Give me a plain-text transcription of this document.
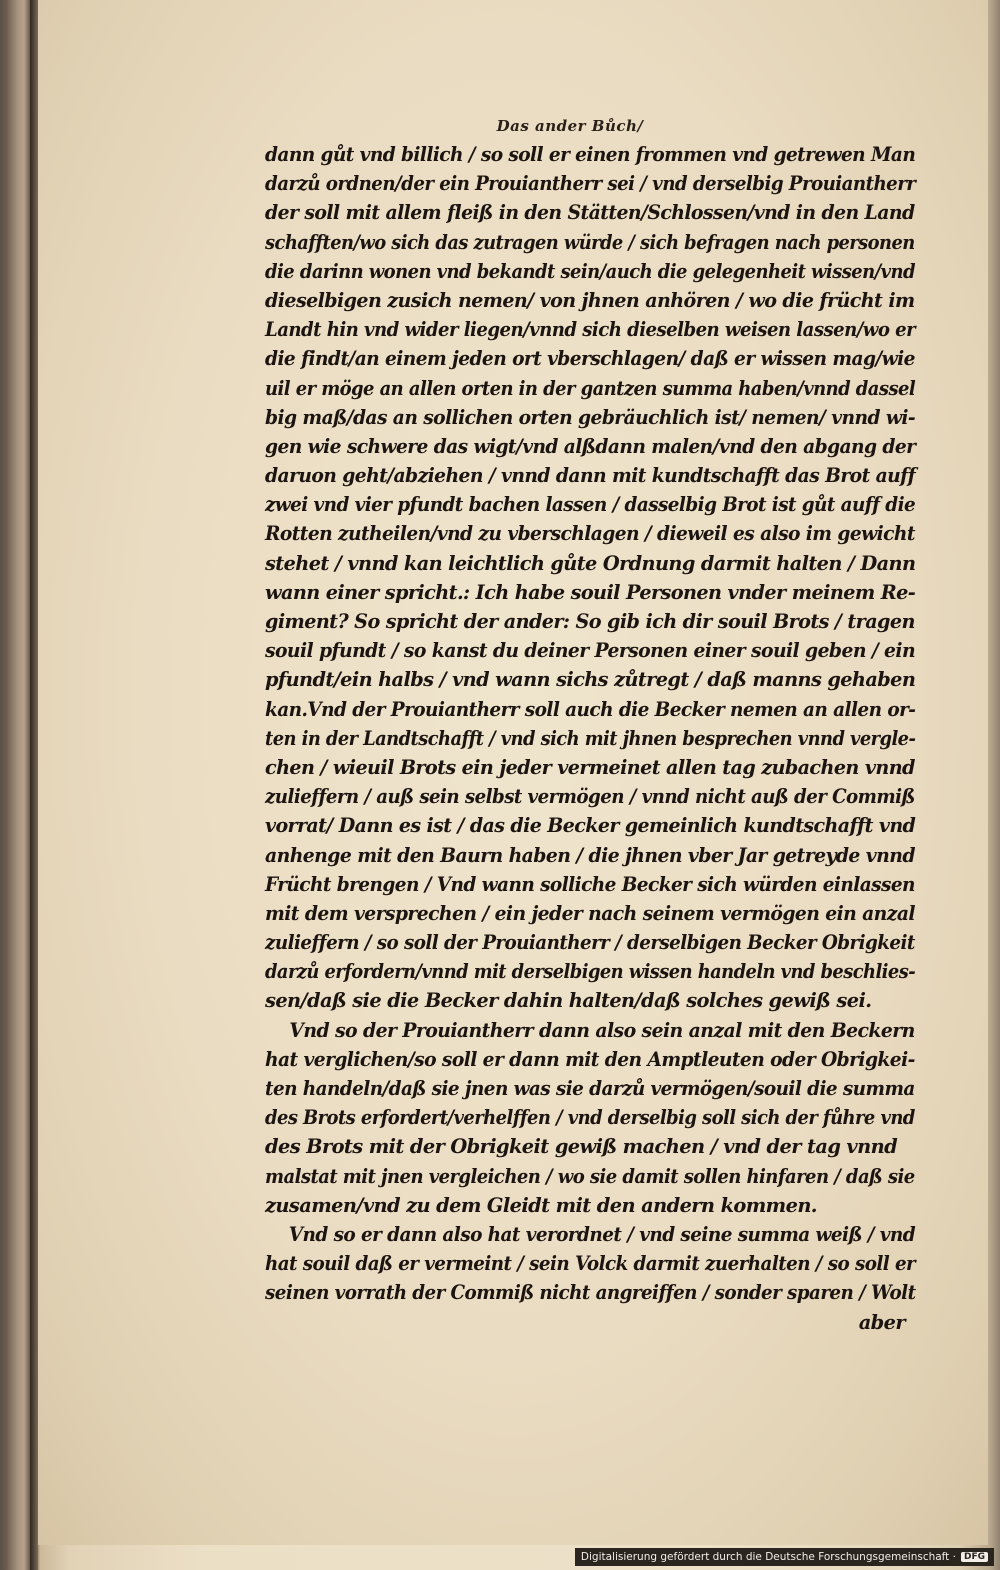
Das ander Bůch/
dann gůt vnd billich / so soll er einen frommen vnd getrewen Man
darzů ordnen/der ein Prouiantherr sei / vnd derselbig Prouiantherr
der soll mit allem fleiß in den Stätten/Schlossen/vnd in den Land
schafften/wo sich das zutragen würde / sich befragen nach personen
die darinn wonen vnd bekandt sein/auch die gelegenheit wissen/vnd
dieselbigen zusich nemen/ von jhnen anhören / wo die frücht im
Landt hin vnd wider liegen/vnnd sich dieselben weisen lassen/wo er
die findt/an einem jeden ort vberschlagen/ daß er wissen mag/wie
uil er möge an allen orten in der gantzen summa haben/vnnd dassel
big maß/das an sollichen orten gebräuchlich ist/ nemen/ vnnd wi-
gen wie schwere das wigt/vnd alßdann malen/vnd den abgang der
daruon geht/abziehen / vnnd dann mit kundtschafft das Brot auff
zwei vnd vier pfundt bachen lassen / dasselbig Brot ist gůt auff die
Rotten zutheilen/vnd zu vberschlagen / dieweil es also im gewicht
stehet / vnnd kan leichtlich gůte Ordnung darmit halten / Dann
wann einer spricht.: Ich habe souil Personen vnder meinem Re-
giment? So spricht der ander: So gib ich dir souil Brots / tragen
souil pfundt / so kanst du deiner Personen einer souil geben / ein
pfundt/ein halbs / vnd wann sichs zůtregt / daß manns gehaben
kan.Vnd der Prouiantherr soll auch die Becker nemen an allen or-
ten in der Landtschafft / vnd sich mit jhnen besprechen vnnd vergle-
chen / wieuil Brots ein jeder vermeinet allen tag zubachen vnnd
zulieffern / auß sein selbst vermögen / vnnd nicht auß der Commiß
vorrat/ Dann es ist / das die Becker gemeinlich kundtschafft vnd
anhenge mit den Baurn haben / die jhnen vber Jar getreyde vnnd
Frücht brengen / Vnd wann solliche Becker sich würden einlassen
mit dem versprechen / ein jeder nach seinem vermögen ein anzal
zulieffern / so soll der Prouiantherr / derselbigen Becker Obrigkeit
darzů erfordern/vnnd mit derselbigen wissen handeln vnd beschlies-
sen/daß sie die Becker dahin halten/daß solches gewiß sei.
Vnd so der Prouiantherr dann also sein anzal mit den Beckern
hat verglichen/so soll er dann mit den Amptleuten oder Obrigkei-
ten handeln/daß sie jnen was sie darzů vermögen/souil die summa
des Brots erfordert/verhelffen / vnd derselbig soll sich der fůhre vnd
des Brots mit der Obrigkeit gewiß machen / vnd der tag vnnd
malstat mit jnen vergleichen / wo sie damit sollen hinfaren / daß sie
zusamen/vnd zu dem Gleidt mit den andern kommen.
Vnd so er dann also hat verordnet / vnd seine summa weiß / vnd
hat souil daß er vermeint / sein Volck darmit zuerhalten / so soll er
seinen vorrath der Commiß nicht angreiffen / sonder sparen / Wolt
aber
Digitalisierung gefördert durch die Deutsche Forschungsgemeinschaft · DFG
